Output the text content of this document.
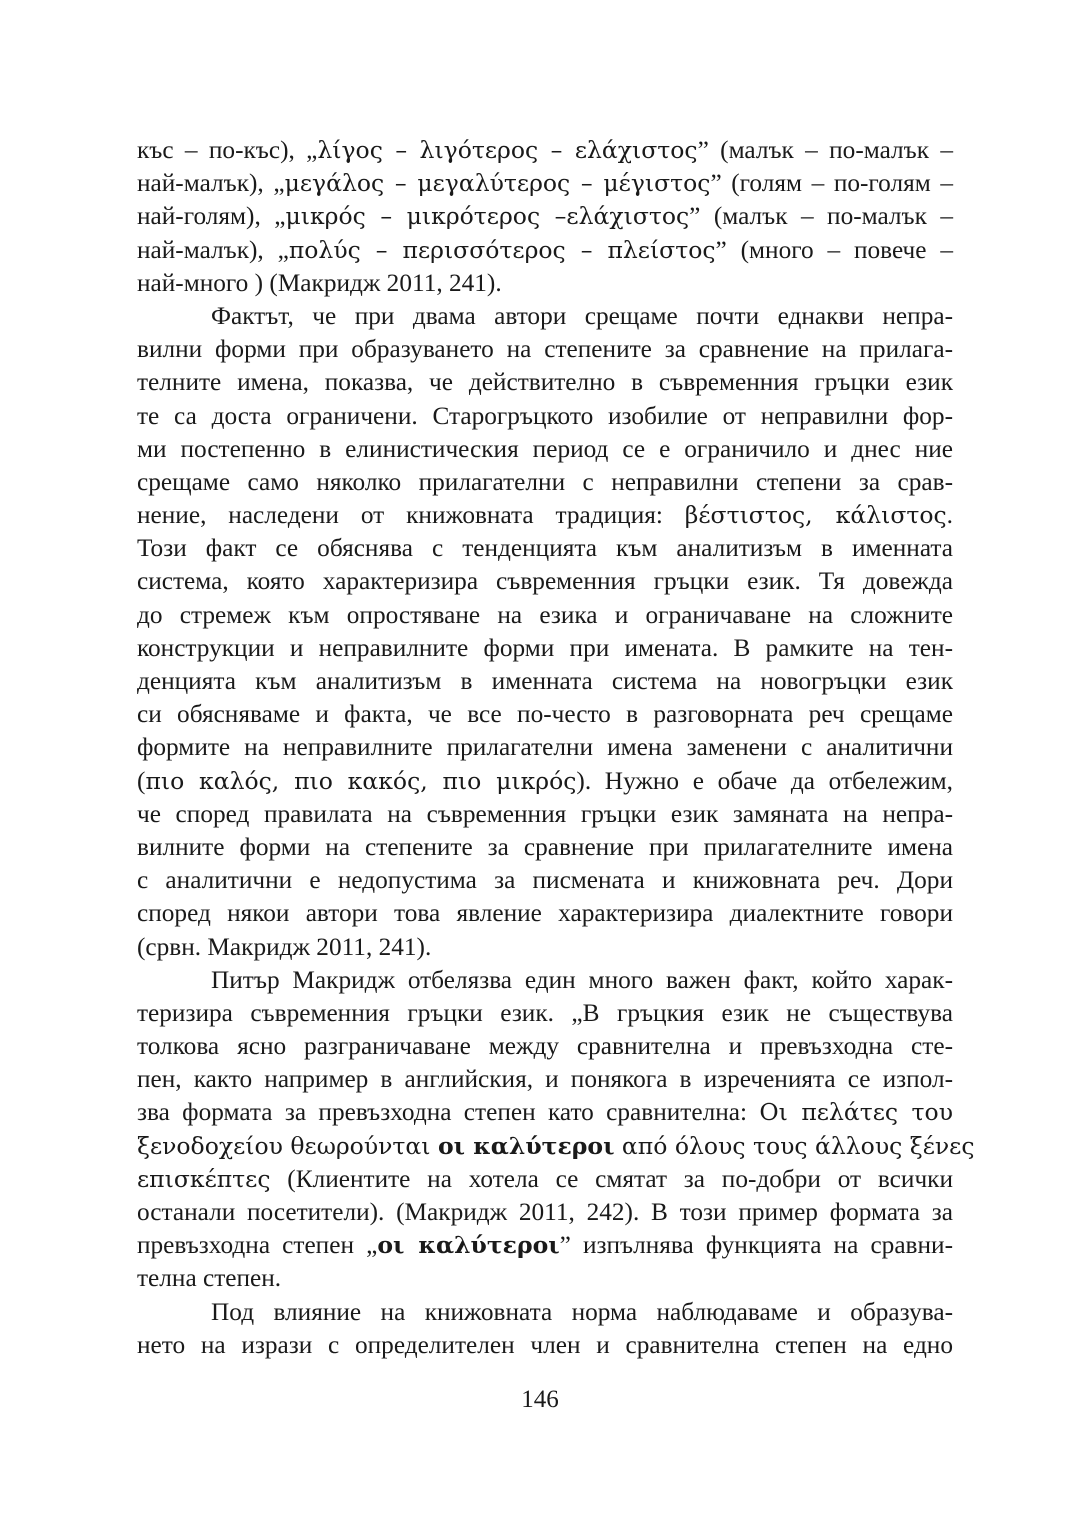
къс – по-къс), „λίγος – λιγότερος – ελάχιστος” (малък – по-малък –
най-малък), „μεγάλος – μεγαλύτερος – μέγιστος” (голям – по-голям –
най-голям), „μικρός – μικρότερος –ελάχιστος” (малък – по-малък –
най-малък), „πολύς – περισσότερος – πλείστος” (много – повече –
най-много ) (Макридж 2011, 241).
Фактът, че при двама автори срещаме почти еднакви непра-
вилни форми при образуването на степените за сравнение на прилага-
телните имена, показва, че действително в съвременния гръцки език
те са доста ограничени. Старогръцкото изобилие от неправилни фор-
ми постепенно в елинистическия период се е ограничило и днес ние
срещаме само няколко прилагателни с неправилни степени за срав-
нение, наследени от книжовната традиция: βέστιστος, κάλιστος.
Този факт се обяснява с тенденцията към аналитизъм в именната
система, която характеризира съвременния гръцки език. Тя довежда
до стремеж към опростяване на езика и ограничаване на сложните
конструкции и неправилните форми при имената. В рамките на тен-
денцията към аналитизъм в именната система на новогръцки език
си обясняваме и факта, че все по-често в разговорната реч срещаме
формите на неправилните прилагателни имена заменени с аналитични
(πιο καλός, πιο κακός, πιο μικρός). Нужно е обаче да отбележим,
че според правилата на съвременния гръцки език замяната на непра-
вилните форми на степените за сравнение при прилагателните имена
с аналитични е недопустима за писмената и книжовната реч. Дори
според някои автори това явление характеризира диалектните говори
(срвн. Макридж 2011, 241).
Питър Макридж отбелязва един много важен факт, който харак-
теризира съвременния гръцки език. „В гръцкия език не съществува
толкова ясно разграничаване между сравнителна и превъзходна сте-
пен, както например в английския, и понякога в изреченията се изпол-
зва формата за превъзходна степен като сравнителна: Οι πελάτες του
ξενοδοχείου θεωρούνται οι καλύτεροι από όλους τους άλλους ξένες
επισκέπτες (Клиентите на хотела се смятат за по-добри от всички
останали посетители). (Макридж 2011, 242). В този пример формата за
превъзходна степен „οι καλύτεροι” изпълнява функцията на сравни-
телна степен.
Под влияние на книжовната норма наблюдаваме и образува-
нето на изрази с определителен член и сравнителна степен на едно
146
